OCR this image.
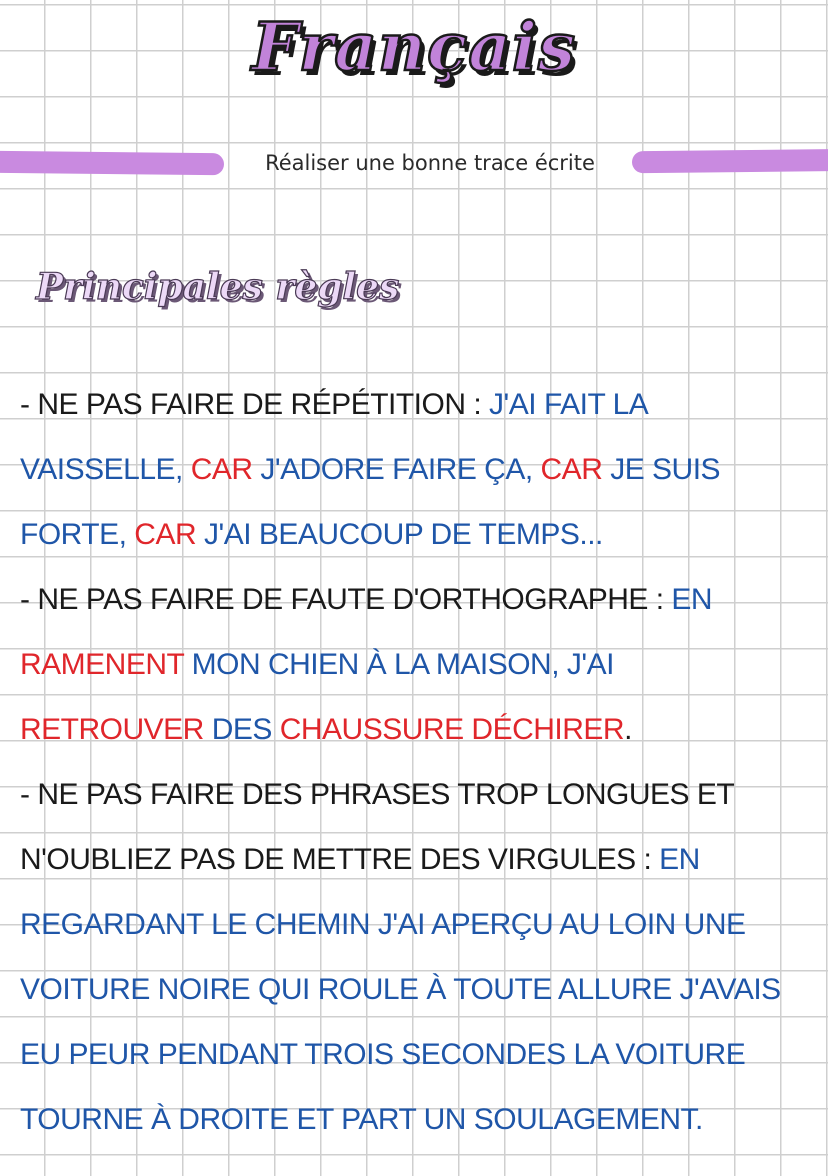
Français
Réaliser une bonne trace écrite
Principales règles

- NE PAS FAIRE DE RÉPÉTITION : J'AI FAIT LA VAISSELLE, CAR J'ADORE FAIRE ÇA, CAR JE SUIS FORTE, CAR J'AI BEAUCOUP DE TEMPS...

- NE PAS FAIRE DE FAUTE D'ORTHOGRAPHE : EN RAMENENT MON CHIEN À LA MAISON, J'AI RETROUVER DES CHAUSSURE DÉCHIRER.

- NE PAS FAIRE DES PHRASES TROP LONGUES ET N'OUBLIEZ PAS DE METTRE DES VIRGULES : EN REGARDANT LE CHEMIN J'AI APERÇU AU LOIN UNE VOITURE NOIRE QUI ROULE À TOUTE ALLURE J'AVAIS EU PEUR PENDANT TROIS SECONDES LA VOITURE TOURNE À DROITE ET PART UN SOULAGEMENT.
